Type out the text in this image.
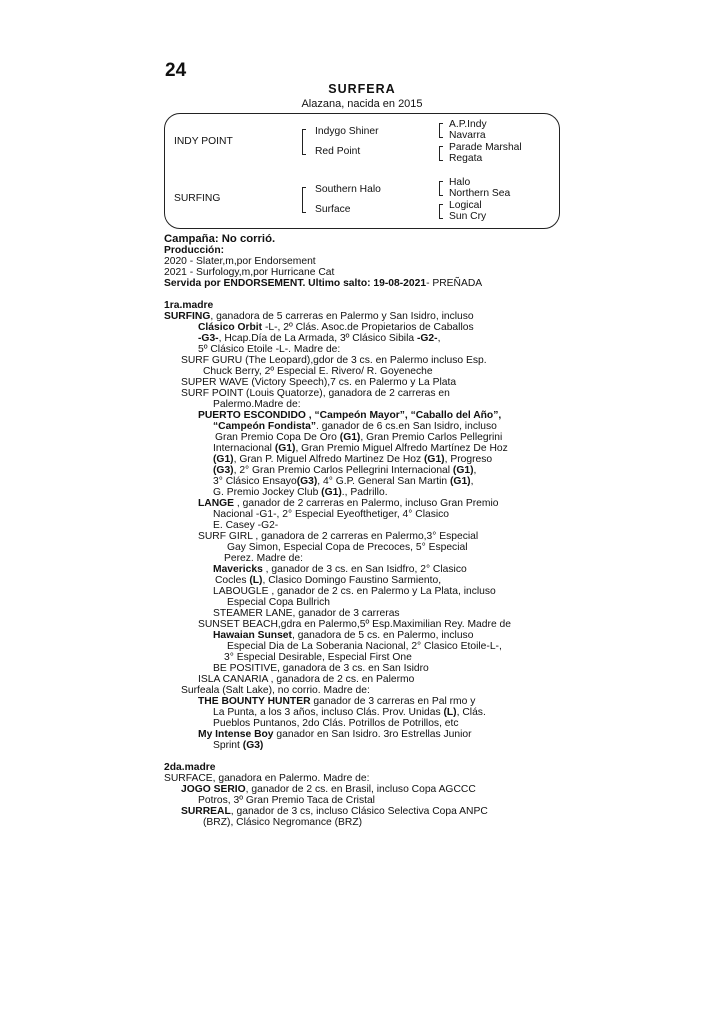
24
SURFERA
Alazana, nacida en 2015
INDY POINT
Indygo Shiner
Red Point
A.P.Indy
Navarra
Parade Marshal
Regata
SURFING
Southern Halo
Surface
Halo
Northern Sea
Logical
Sun Cry
Campaña: No corrió.
Producción:
2020 - Slater,m,por Endorsement
2021 - Surfology,m,por Hurricane Cat
Servida por ENDORSEMENT. Ultimo salto: 19-08-2021- PREÑADA
1ra.madre
SURFING, ganadora de 5 carreras en Palermo y San Isidro, incluso
Clásico Orbit -L-, 2º Clás. Asoc.de Propietarios de Caballos
-G3-, Hcap.Día de La Armada, 3º Clásico Sibila -G2-,
5º Clásico Etoile -L-. Madre de:
SURF GURU (The Leopard),gdor de 3 cs. en Palermo incluso Esp.
Chuck Berry, 2º Especial E. Rivero/ R. Goyeneche
SUPER WAVE (Victory Speech),7 cs. en Palermo y La Plata
SURF POINT (Louis Quatorze), ganadora de 2 carreras en
Palermo.Madre de:
PUERTO ESCONDIDO , “Campeón Mayor”, “Caballo del Año”,
“Campeón Fondista”. ganador de 6 cs.en San Isidro, incluso
Gran Premio Copa De Oro (G1), Gran Premio Carlos Pellegrini
Internacional (G1), Gran Premio Miguel Alfredo Martínez De Hoz
(G1), Gran P. Miguel Alfredo Martinez De Hoz (G1), Progreso
(G3), 2° Gran Premio Carlos Pellegrini Internacional (G1),
3° Clásico Ensayo(G3), 4° G.P. General San Martin (G1),
G. Premio Jockey Club (G1)., Padrillo.
LANGE , ganador de 2 carreras en Palermo, incluso Gran Premio
Nacional -G1-, 2° Especial Eyeofthetiger, 4° Clasico
E. Casey -G2-
SURF GIRL , ganadora de 2 carreras en Palermo,3° Especial
Gay Simon, Especial Copa de Precoces, 5° Especial
Perez. Madre de:
Mavericks , ganador de 3 cs. en San Isidfro, 2° Clasico
Cocles (L), Clasico Domingo Faustino Sarmiento,
LABOUGLE , ganador de 2 cs. en Palermo y La Plata, incluso
Especial Copa Bullrich
STEAMER LANE, ganador de 3 carreras
SUNSET BEACH,gdra en Palermo,5º Esp.Maximilian Rey. Madre de
Hawaian Sunset, ganadora de 5 cs. en Palermo, incluso
Especial Dia de La Soberania Nacional, 2° Clasico Etoile-L-,
3° Especial Desirable, Especial First One
BE POSITIVE, ganadora de 3 cs. en San Isidro
ISLA CANARIA , ganadora de 2 cs. en Palermo
Surfeala (Salt Lake), no corrio. Madre de:
THE BOUNTY HUNTER ganador de 3 carreras en Pal rmo y
La Punta, a los 3 años, incluso Clás. Prov. Unidas (L), Clás.
Pueblos Puntanos, 2do Clás. Potrillos de Potrillos, etc
My Intense Boy ganador en San Isidro. 3ro Estrellas Junior
Sprint (G3)
2da.madre
SURFACE, ganadora en Palermo. Madre de:
JOGO SERIO, ganador de 2 cs. en Brasil, incluso Copa AGCCC
Potros, 3º Gran Premio Taca de Cristal
SURREAL, ganador de 3 cs, incluso Clásico Selectiva Copa ANPC
(BRZ), Clásico Negromance (BRZ)
